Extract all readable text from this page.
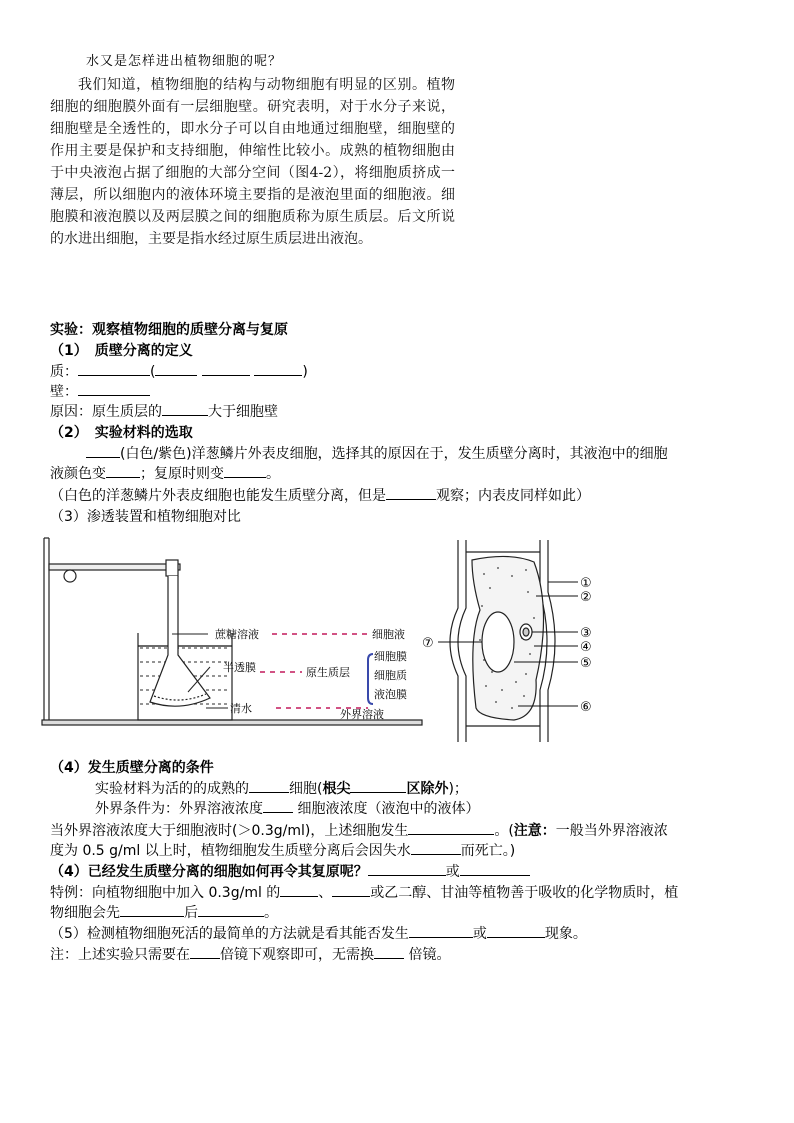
水又是怎样进出植物细胞的呢？

我们知道，植物细胞的结构与动物细胞有明显的区别。植物细胞的细胞膜外面有一层细胞壁。研究表明，对于水分子来说，细胞壁是全透性的，即水分子可以自由地通过细胞壁，细胞壁的作用主要是保护和支持细胞，伸缩性比较小。成熟的植物细胞由于中央液泡占据了细胞的大部分空间（图4-2），将细胞质挤成一薄层，所以细胞内的液体环境主要指的是液泡里面的细胞液。细胞膜和液泡膜以及两层膜之间的细胞质称为原生质层。后文所说的水进出细胞，主要是指水经过原生质层进出液泡。

实验：观察植物细胞的质壁分离与复原
（1）　质壁分离的定义
质：	(	)
壁：
原因：原生质层的	大于细胞壁
（2）　实验材料的选取
(白色/紫色)洋葱鳞片外表皮细胞，选择其的原因在于，发生质壁分离时，其液泡中的细胞
液颜色变 ；复原时则变	。
（白色的洋葱鳞片外表皮细胞也能发生质壁分离，但是	观察；内表皮同样如此）
（3）渗透装置和植物细胞对比
蔗糖溶液
半透膜
清水
细胞液
原生质层
细胞膜
细胞质
液泡膜
外界溶液
①
②
③
④
⑤
⑥
⑦
（4）发生质壁分离的条件
实验材料为活的的成熟的	细胞(根尖	区除外)；
外界条件为：外界溶液浓度 细胞液浓度（液泡中的液体）
当外界溶液浓度大于细胞液时(＞0.3g/ml)，上述细胞发生	。(注意：一般当外界溶液浓
度为 0.5 g/ml 以上时，植物细胞发生质壁分离后会因失水	而死亡。)
（4）已经发生质壁分离的细胞如何再令其复原呢？	或
特例：向植物细胞中加入 0.3g/ml 的	、	或乙二醇、甘油等植物善于吸收的化学物质时，植
物细胞会先	后	。
（5）检测植物细胞死活的最简单的方法就是看其能否发生	或	现象。
注：上述实验只需要在 倍镜下观察即可，无需换 倍镜。
